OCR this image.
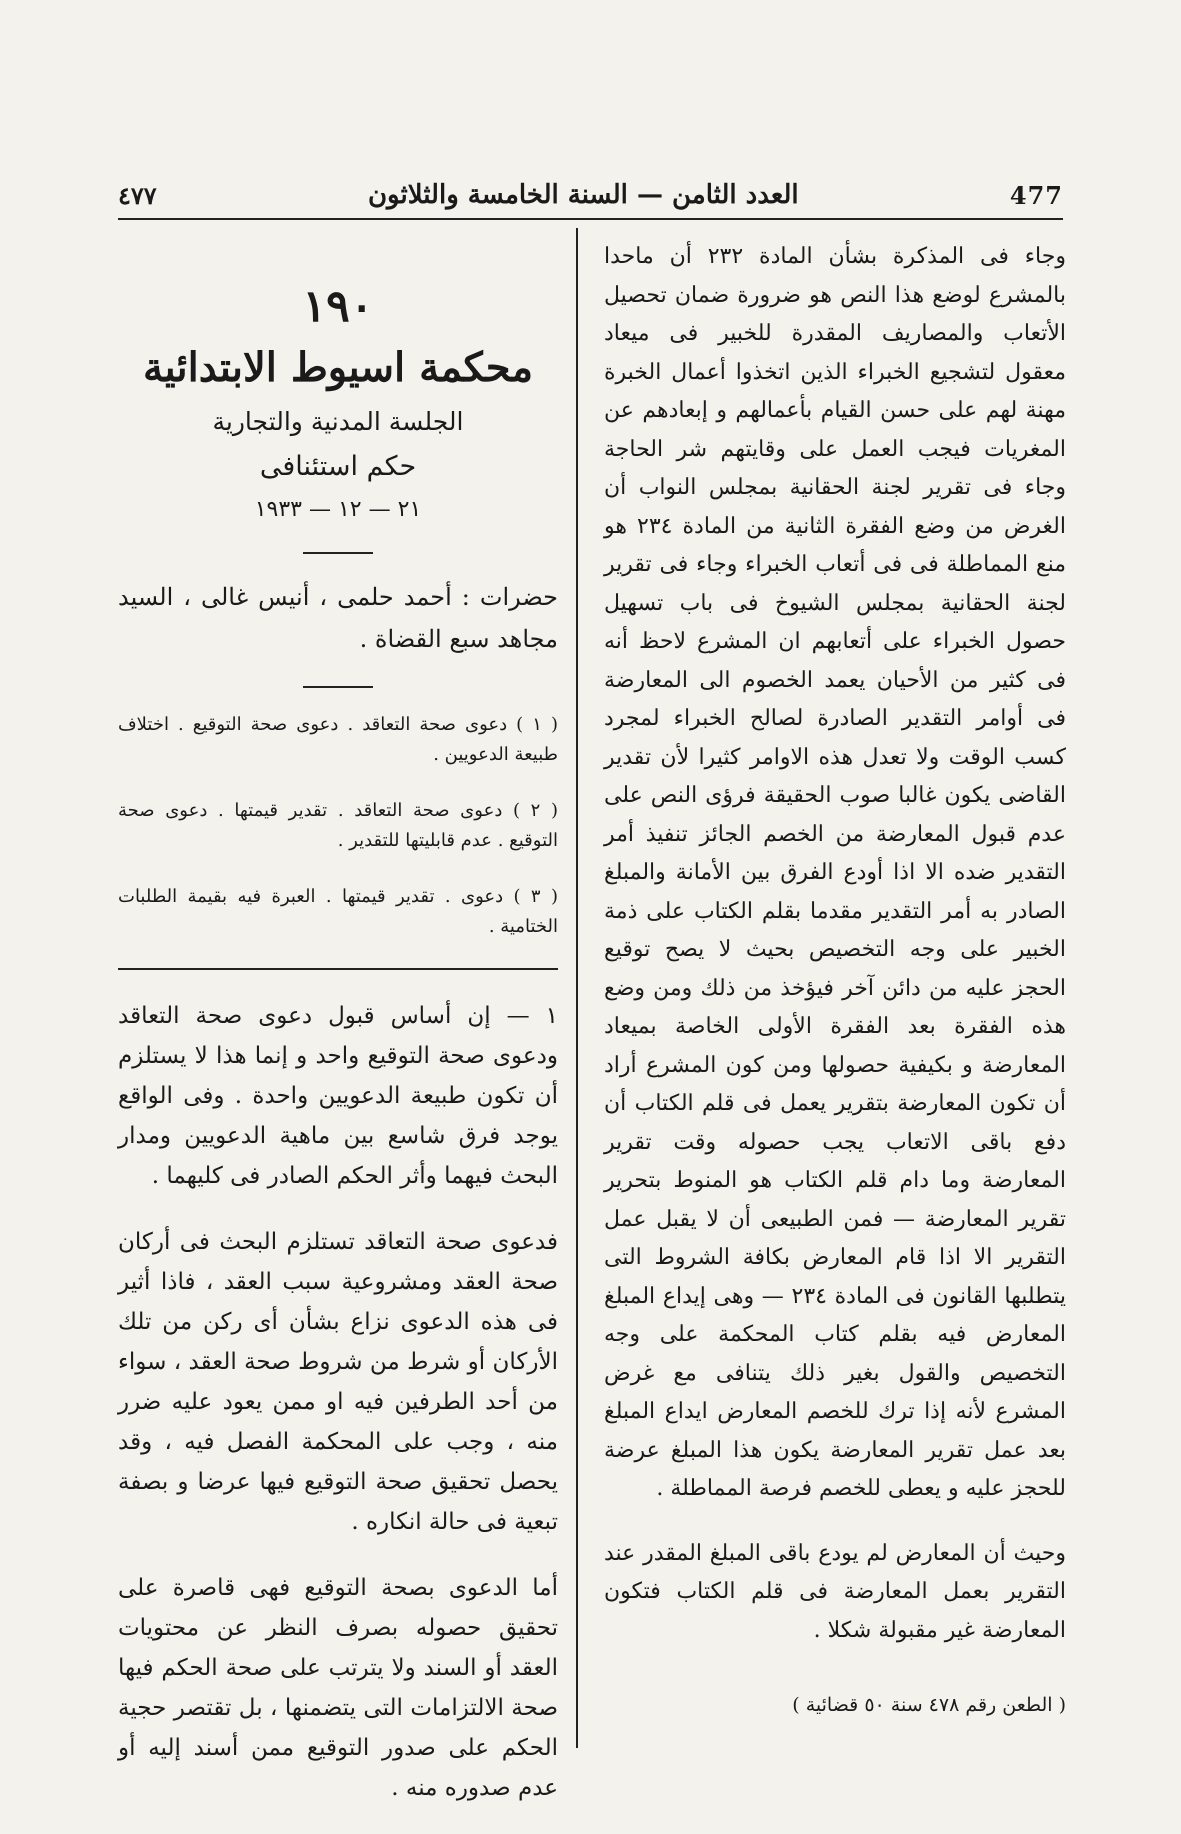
٤٧٧	العدد الثامن — السنة الخامسة والثلاثون	477

وجاء فى المذكرة بشأن المادة ٢٣٢ أن ماحدا بالمشرع لوضع هذا النص هو ضرورة ضمان تحصيل الأتعاب والمصاريف المقدرة للخبير فى ميعاد معقول لتشجيع الخبراء الذين اتخذوا أعمال الخبرة مهنة لهم على حسن القيام بأعمالهم و إبعادهم عن المغريات فيجب العمل على وقايتهم شر الحاجة وجاء فى تقرير لجنة الحقانية بمجلس النواب أن الغرض من وضع الفقرة الثانية من المادة ٢٣٤ هو منع المماطلة فى فى أتعاب الخبراء وجاء فى تقرير لجنة الحقانية بمجلس الشيوخ فى باب تسهيل حصول الخبراء على أتعابهم ان المشرع لاحظ أنه فى كثير من الأحيان يعمد الخصوم الى المعارضة فى أوامر التقدير الصادرة لصالح الخبراء لمجرد كسب الوقت ولا تعدل هذه الاوامر كثيرا لأن تقدير القاضى يكون غالبا صوب الحقيقة فرؤى النص على عدم قبول المعارضة من الخصم الجائز تنفيذ أمر التقدير ضده الا اذا أودع الفرق بين الأمانة والمبلغ الصادر به أمر التقدير مقدما بقلم الكتاب على ذمة الخبير على وجه التخصيص بحيث لا يصح توقيع الحجز عليه من دائن آخر فيؤخذ من ذلك ومن وضع هذه الفقرة بعد الفقرة الأولى الخاصة بميعاد المعارضة و بكيفية حصولها ومن كون المشرع أراد أن تكون المعارضة بتقرير يعمل فى قلم الكتاب أن دفع باقى الاتعاب يجب حصوله وقت تقرير المعارضة وما دام قلم الكتاب هو المنوط بتحرير تقرير المعارضة — فمن الطبيعى أن لا يقبل عمل التقرير الا اذا قام المعارض بكافة الشروط التى يتطلبها القانون فى المادة ٢٣٤ — وهى إيداع المبلغ المعارض فيه بقلم كتاب المحكمة على وجه التخصيص والقول بغير ذلك يتنافى مع غرض المشرع لأنه إذا ترك للخصم المعارض ايداع المبلغ بعد عمل تقرير المعارضة يكون هذا المبلغ عرضة للحجز عليه و يعطى للخصم فرصة المماطلة .

وحيث أن المعارض لم يودع باقى المبلغ المقدر عند التقرير بعمل المعارضة فى قلم الكتاب فتكون المعارضة غير مقبولة شكلا .

( الطعن رقم ٤٧٨ سنة ٥٠ قضائية )
١٩٠
محكمة اسيوط الابتدائية
الجلسة المدنية والتجارية
حكم استئنافى
٢١ — ١٢ — ١٩٣٣

حضرات : أحمد حلمى ، أنيس غالى ، السيد مجاهد سبع القضاة .

( ١ ) دعوى صحة التعاقد . دعوى صحة التوقيع . اختلاف طبيعة الدعويين .

( ٢ ) دعوى صحة التعاقد . تقدير قيمتها . دعوى صحة التوقيع . عدم قابليتها للتقدير .

( ٣ ) دعوى . تقدير قيمتها . العبرة فيه بقيمة الطلبات الختامية .

١ — إن أساس قبول دعوى صحة التعاقد ودعوى صحة التوقيع واحد و إنما هذا لا يستلزم أن تكون طبيعة الدعويين واحدة . وفى الواقع يوجد فرق شاسع بين ماهية الدعويين ومدار البحث فيهما وأثر الحكم الصادر فى كليهما .

فدعوى صحة التعاقد تستلزم البحث فى أركان صحة العقد ومشروعية سبب العقد ، فاذا أثير فى هذه الدعوى نزاع بشأن أى ركن من تلك الأركان أو شرط من شروط صحة العقد ، سواء من أحد الطرفين فيه او ممن يعود عليه ضرر منه ، وجب على المحكمة الفصل فيه ، وقد يحصل تحقيق صحة التوقيع فيها عرضا و بصفة تبعية فى حالة انكاره .

أما الدعوى بصحة التوقيع فهى قاصرة على تحقيق حصوله بصرف النظر عن محتويات العقد أو السند ولا يترتب على صحة الحكم فيها صحة الالتزامات التى يتضمنها ، بل تقتصر حجية الحكم على صدور التوقيع ممن أسند إليه أو عدم صدوره منه .
